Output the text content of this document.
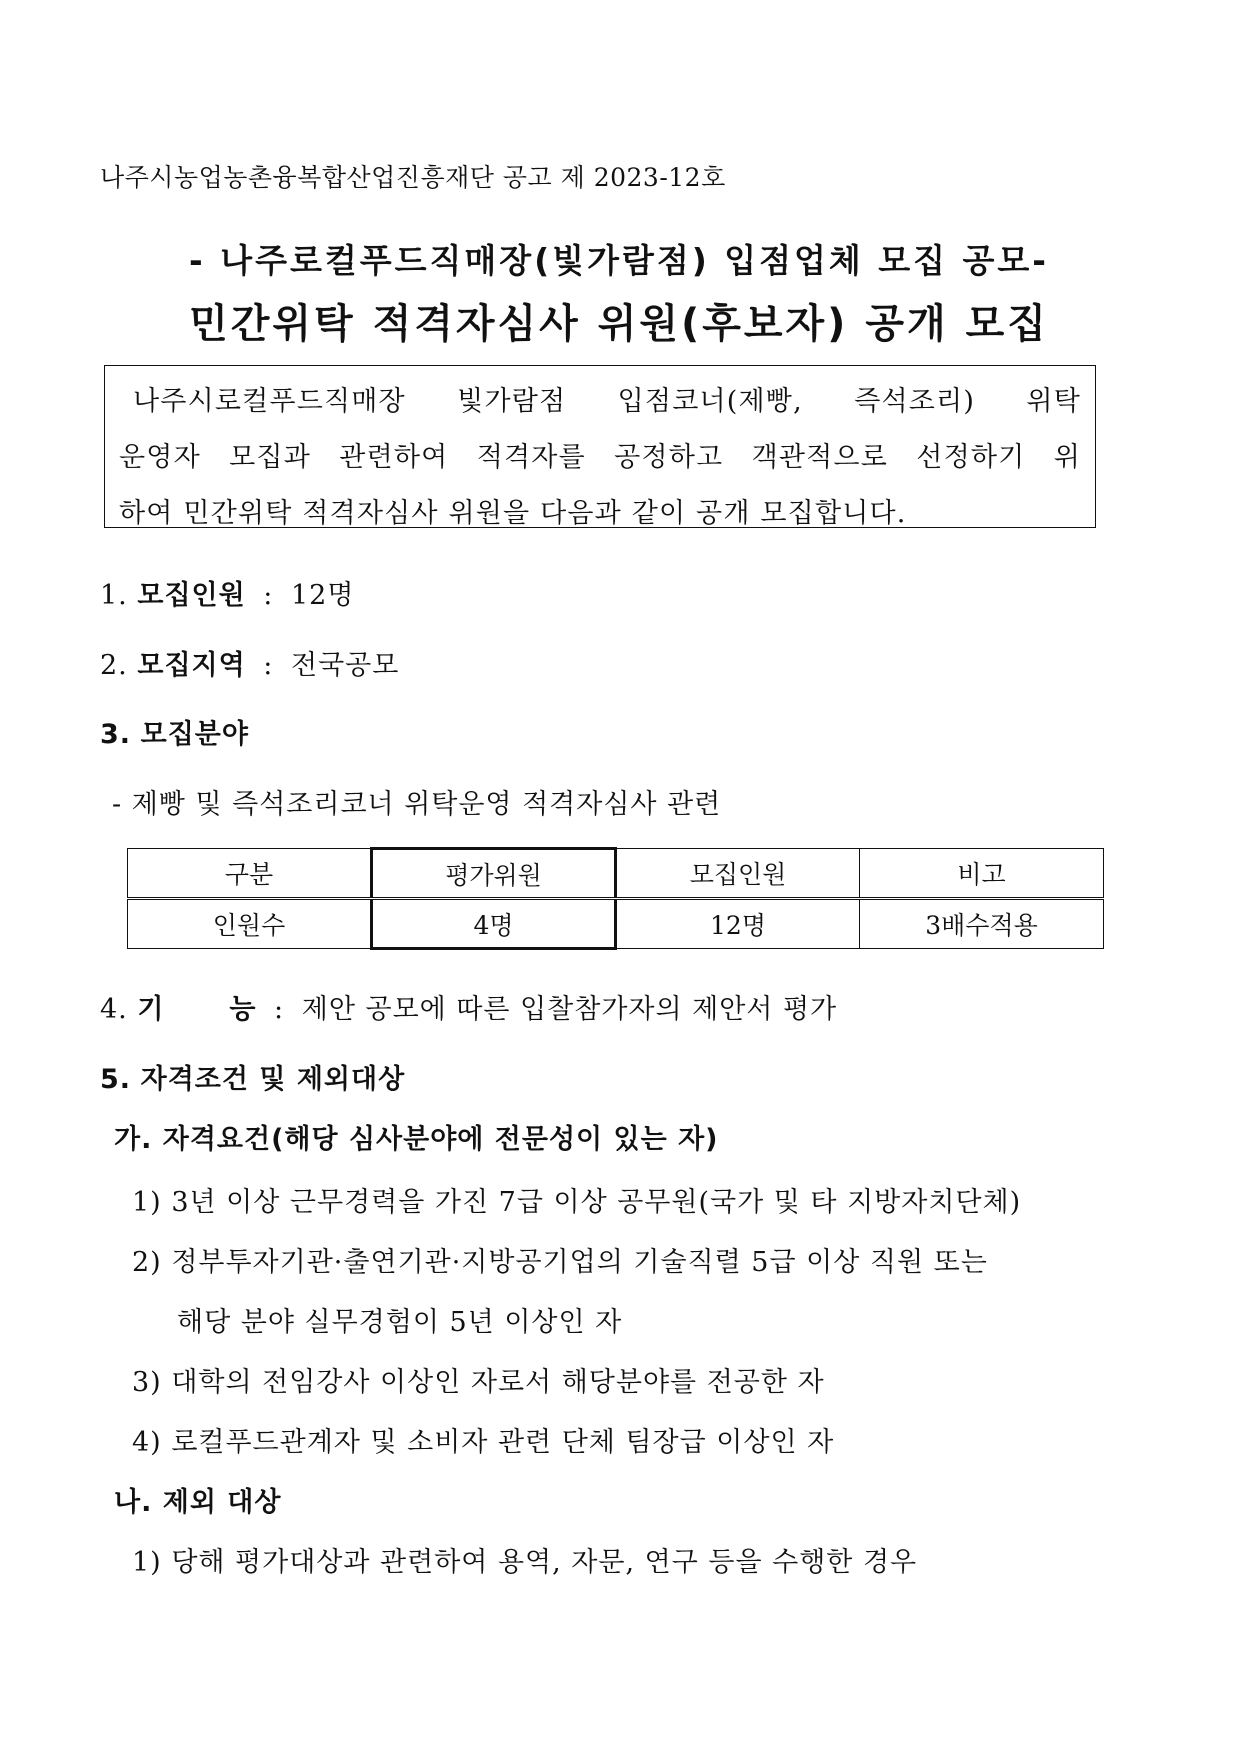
나주시농업농촌융복합산업진흥재단 공고 제 2023-12호
- 나주로컬푸드직매장(빛가람점) 입점업체 모집 공모-
민간위탁 적격자심사 위원(후보자) 공개 모집
나주시로컬푸드직매장 빛가람점 입점코너(제빵, 즉석조리) 위탁
운영자 모집과 관련하여 적격자를 공정하고 객관적으로 선정하기 위
하여 민간위탁 적격자심사 위원을 다음과 같이 공개 모집합니다.
1. 모집인원 : 12명
2. 모집지역 : 전국공모
3. 모집분야
- 제빵 및 즉석조리코너 위탁운영 적격자심사 관련
구분	평가위원	모집인원	비고
인원수	4명	12명	3배수적용
4. 기 능 : 제안 공모에 따른 입찰참가자의 제안서 평가
5. 자격조건 및 제외대상
가. 자격요건(해당 심사분야에 전문성이 있는 자)
1) 3년 이상 근무경력을 가진 7급 이상 공무원(국가 및 타 지방자치단체)
2) 정부투자기관·출연기관·지방공기업의 기술직렬 5급 이상 직원 또는
해당 분야 실무경험이 5년 이상인 자
3) 대학의 전임강사 이상인 자로서 해당분야를 전공한 자
4) 로컬푸드관계자 및 소비자 관련 단체 팀장급 이상인 자
나. 제외 대상
1) 당해 평가대상과 관련하여 용역, 자문, 연구 등을 수행한 경우
